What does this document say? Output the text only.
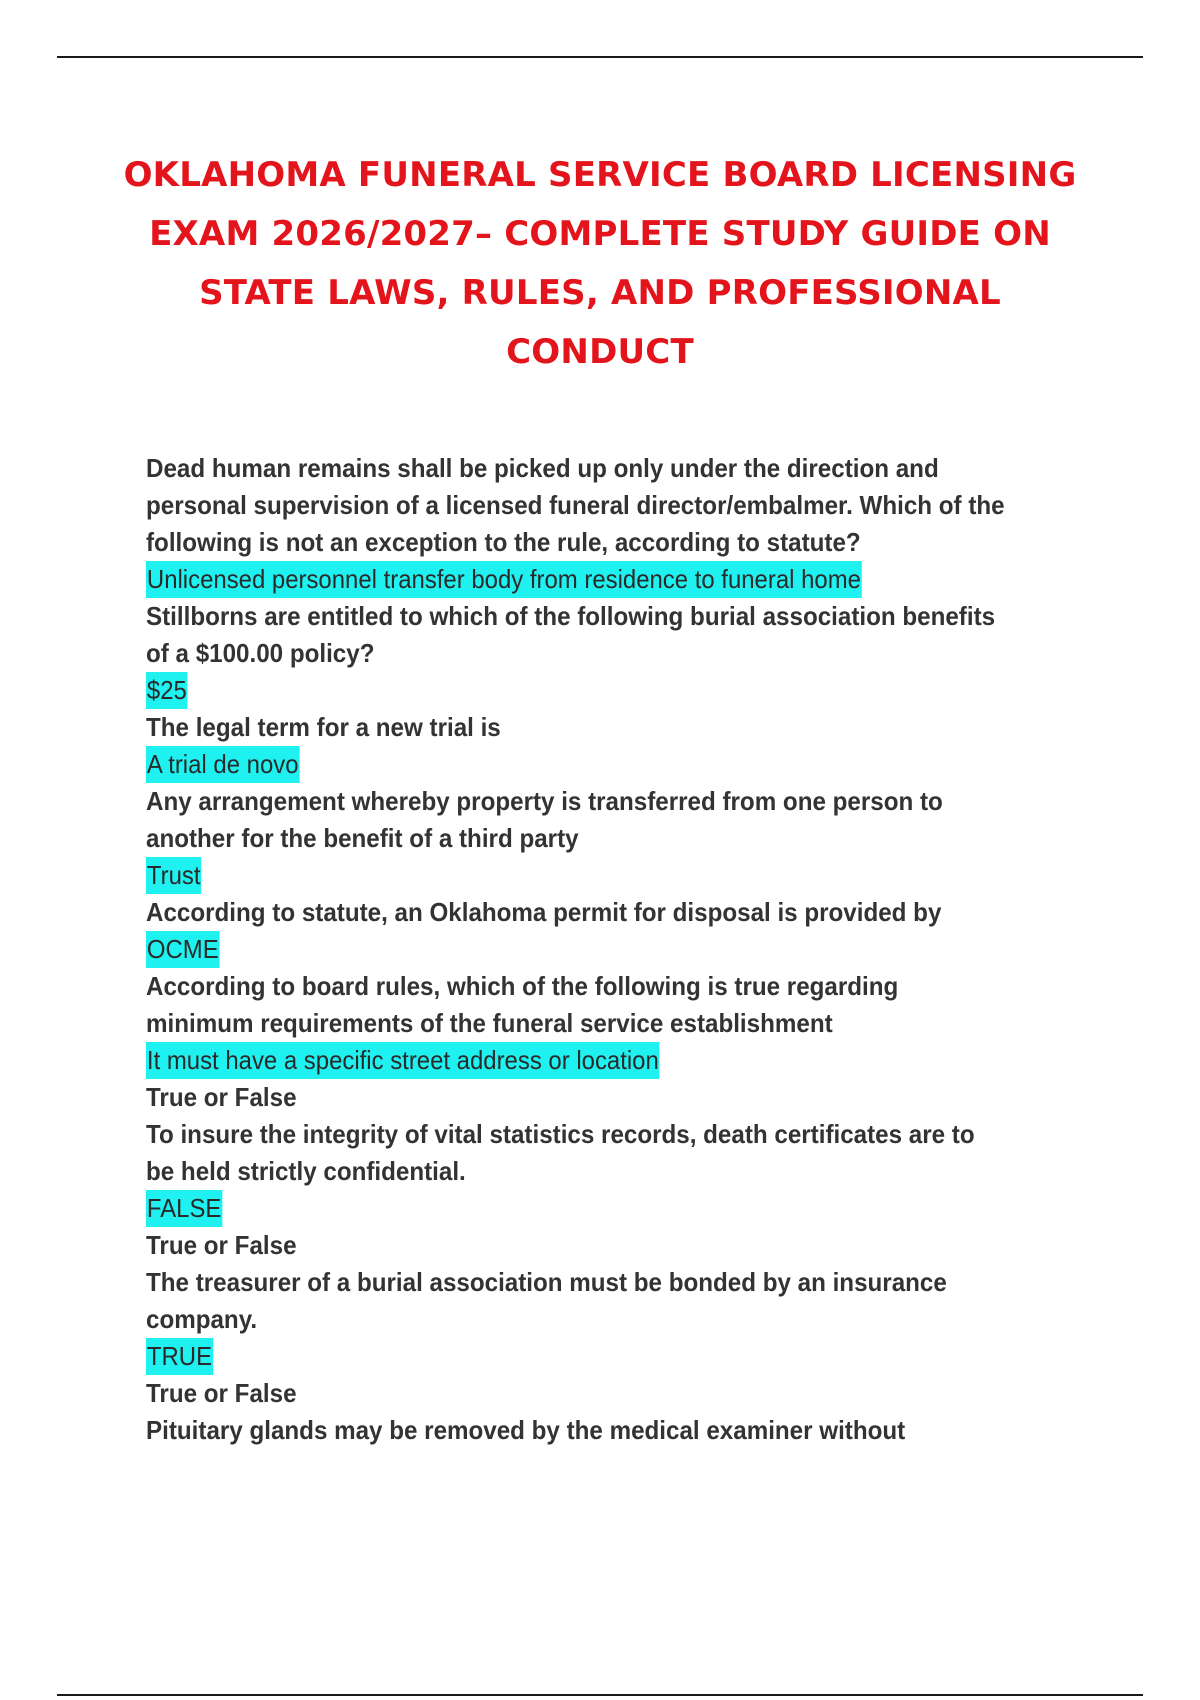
OKLAHOMA FUNERAL SERVICE BOARD LICENSING
EXAM 2026/2027– COMPLETE STUDY GUIDE ON
STATE LAWS, RULES, AND PROFESSIONAL
CONDUCT
Dead human remains shall be picked up only under the direction and
personal supervision of a licensed funeral director/embalmer. Which of the
following is not an exception to the rule, according to statute?
Unlicensed personnel transfer body from residence to funeral home
Stillborns are entitled to which of the following burial association benefits
of a $100.00 policy?
$25
The legal term for a new trial is
A trial de novo
Any arrangement whereby property is transferred from one person to
another for the benefit of a third party
Trust
According to statute, an Oklahoma permit for disposal is provided by
OCME
According to board rules, which of the following is true regarding
minimum requirements of the funeral service establishment
It must have a specific street address or location
True or False
To insure the integrity of vital statistics records, death certificates are to
be held strictly confidential.
FALSE
True or False
The treasurer of a burial association must be bonded by an insurance
company.
TRUE
True or False
Pituitary glands may be removed by the medical examiner without
